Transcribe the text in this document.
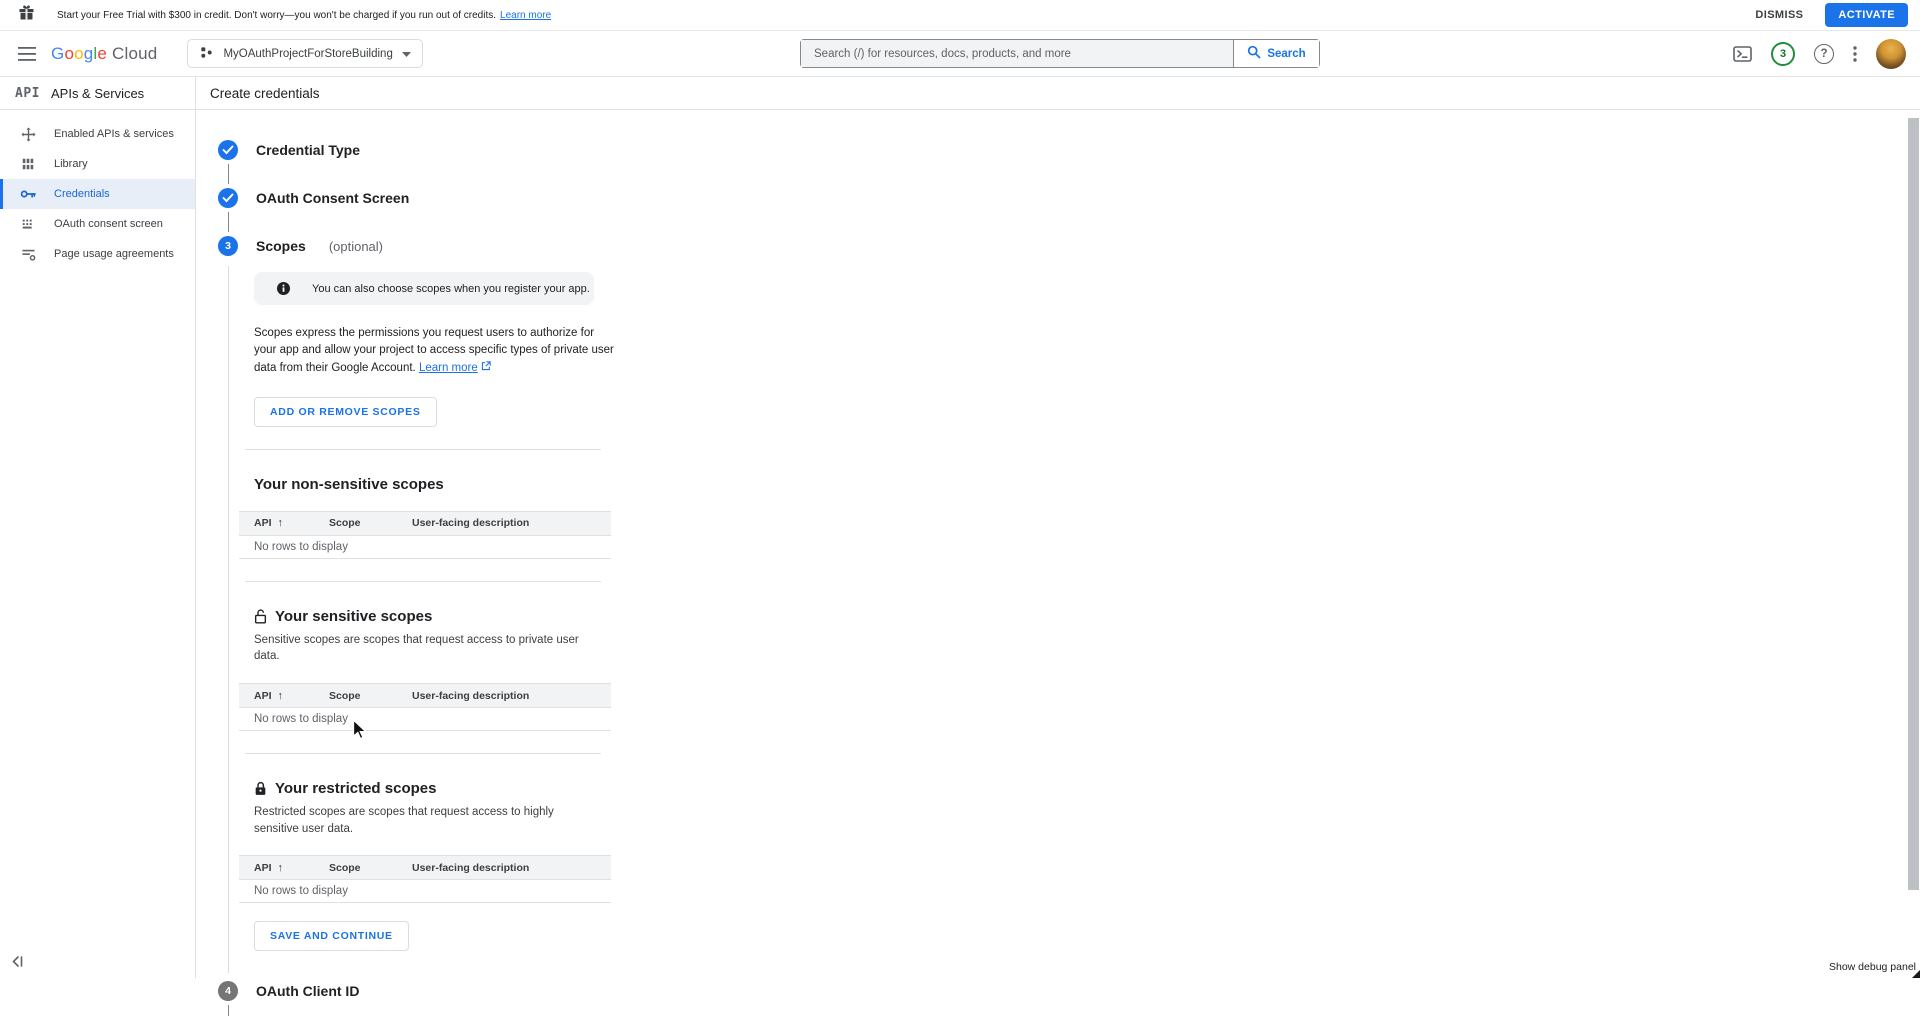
Start your Free Trial with $300 in credit. Don't worry—you won't be charged if you run out of credits. Learn more	DISMISS	ACTIVATE
Google Cloud	MyOAuthProjectForStoreBuilding
Search (/) for resources, docs, products, and more	Search	3	?
API APIs & Services
Enabled APIs & services
Library
Credentials
OAuth consent screen
Page usage agreements
Create credentials
Credential Type
OAuth Consent Screen
3	Scopes (optional)
You can also choose scopes when you register your app.

Scopes express the permissions you request users to authorize for your app and allow your project to access specific types of private user data from their Google Account. Learn more

ADD OR REMOVE SCOPES
Your non-sensitive scopes
API ↑	Scope	User-facing description
No rows to display
Your sensitive scopes
Sensitive scopes are scopes that request access to private user data.
API ↑	Scope	User-facing description
No rows to display
Your restricted scopes
Restricted scopes are scopes that request access to highly sensitive user data.
API ↑	Scope	User-facing description
No rows to display
SAVE AND CONTINUE
4	OAuth Client ID
Show debug panel
